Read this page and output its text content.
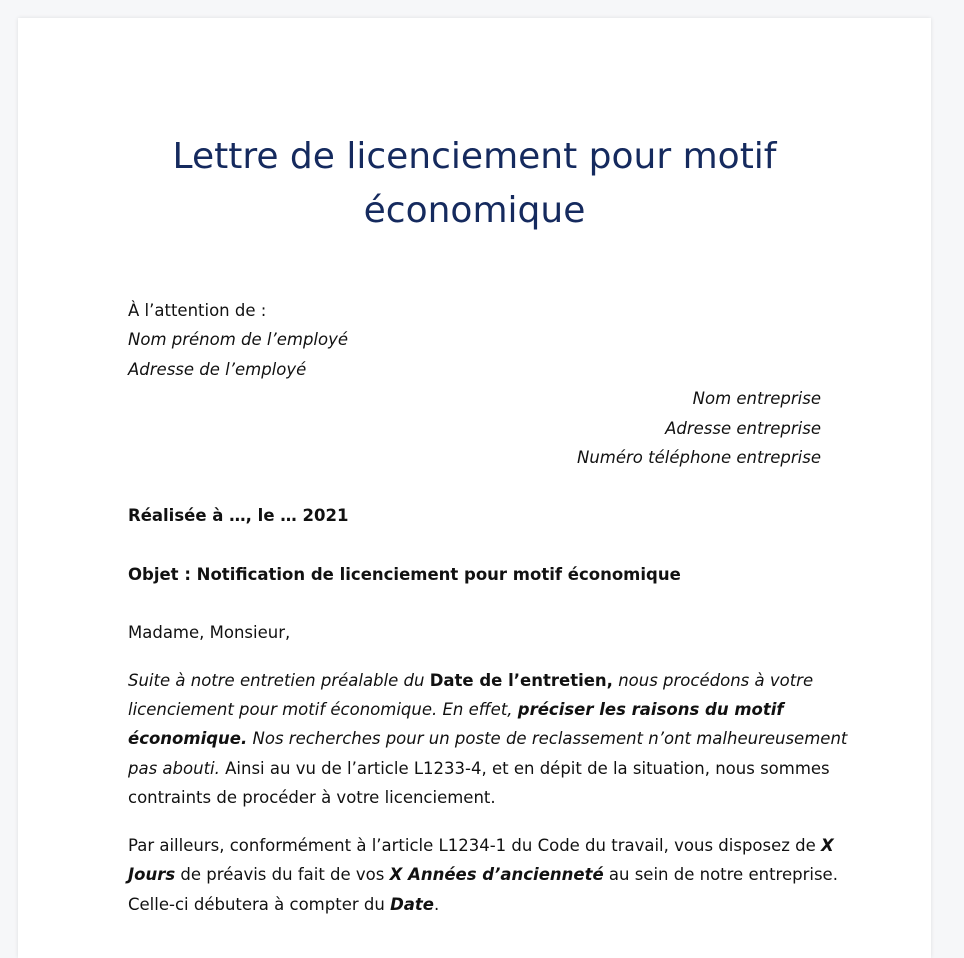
Lettre de licenciement pour motif
économique
À l’attention de :
Nom prénom de l’employé
Adresse de l’employé
Nom entreprise
Adresse entreprise
Numéro téléphone entreprise

Réalisée à …, le … 2021

Objet : Notification de licenciement pour motif économique

Madame, Monsieur,

Suite à notre entretien préalable du Date de l’entretien, nous procédons à votre
licenciement pour motif économique. En effet, préciser les raisons du motif
économique. Nos recherches pour un poste de reclassement n’ont malheureusement
pas abouti. Ainsi au vu de l’article L1233-4, et en dépit de la situation, nous sommes
contraints de procéder à votre licenciement.

Par ailleurs, conformément à l’article L1234-1 du Code du travail, vous disposez de X
Jours de préavis du fait de vos X Années d’ancienneté au sein de notre entreprise.
Celle-ci débutera à compter du Date.
